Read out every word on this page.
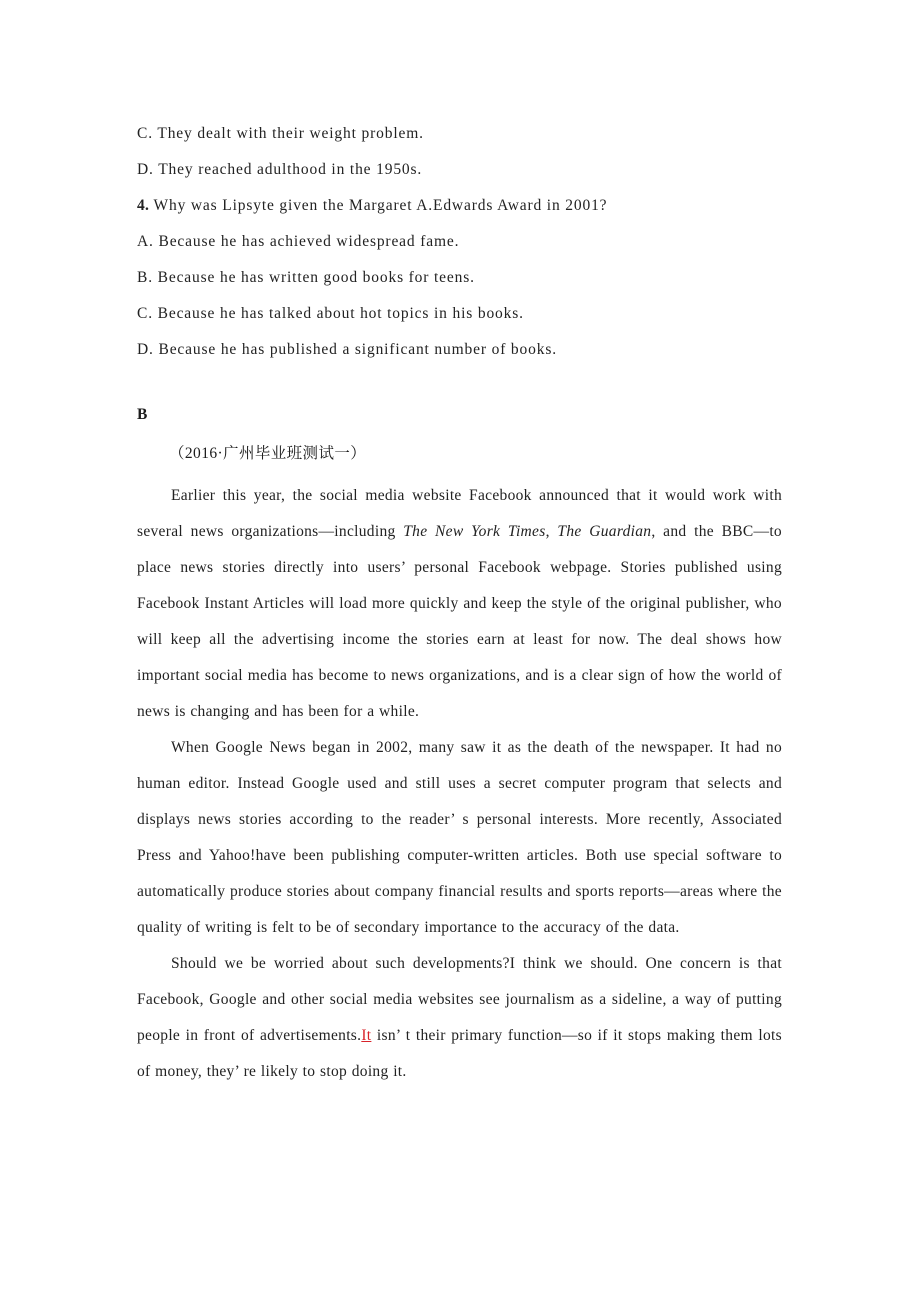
C. They dealt with their weight problem.
D. They reached adulthood in the 1950s.
4. Why was Lipsyte given the Margaret A.Edwards Award in 2001?
A. Because he has achieved widespread fame.
B. Because he has written good books for teens.
C. Because he has talked about hot topics in his books.
D. Because he has published a significant number of books.
B
（2016·广州毕业班测试一）

Earlier this year, the social media website Facebook announced that it would work with several news organizations—including The New York Times, The Guardian, and the BBC—to place news stories directly into users’ personal Facebook webpage. Stories published using Facebook Instant Articles will load more quickly and keep the style of the original publisher, who will keep all the advertising income the stories earn at least for now. The deal shows how important social media has become to news organizations, and is a clear sign of how the world of news is changing and has been for a while.

When Google News began in 2002, many saw it as the death of the newspaper. It had no human editor. Instead Google used and still uses a secret computer program that selects and displays news stories according to the reader’ s personal interests. More recently, Associated Press and Yahoo!have been publishing computer-written articles. Both use special software to automatically produce stories about company financial results and sports reports—areas where the quality of writing is felt to be of secondary importance to the accuracy of the data.

Should we be worried about such developments?I think we should. One concern is that Facebook, Google and other social media websites see journalism as a sideline, a way of putting people in front of advertisements.It isn’ t their primary function—so if it stops making them lots of money, they’ re likely to stop doing it.
